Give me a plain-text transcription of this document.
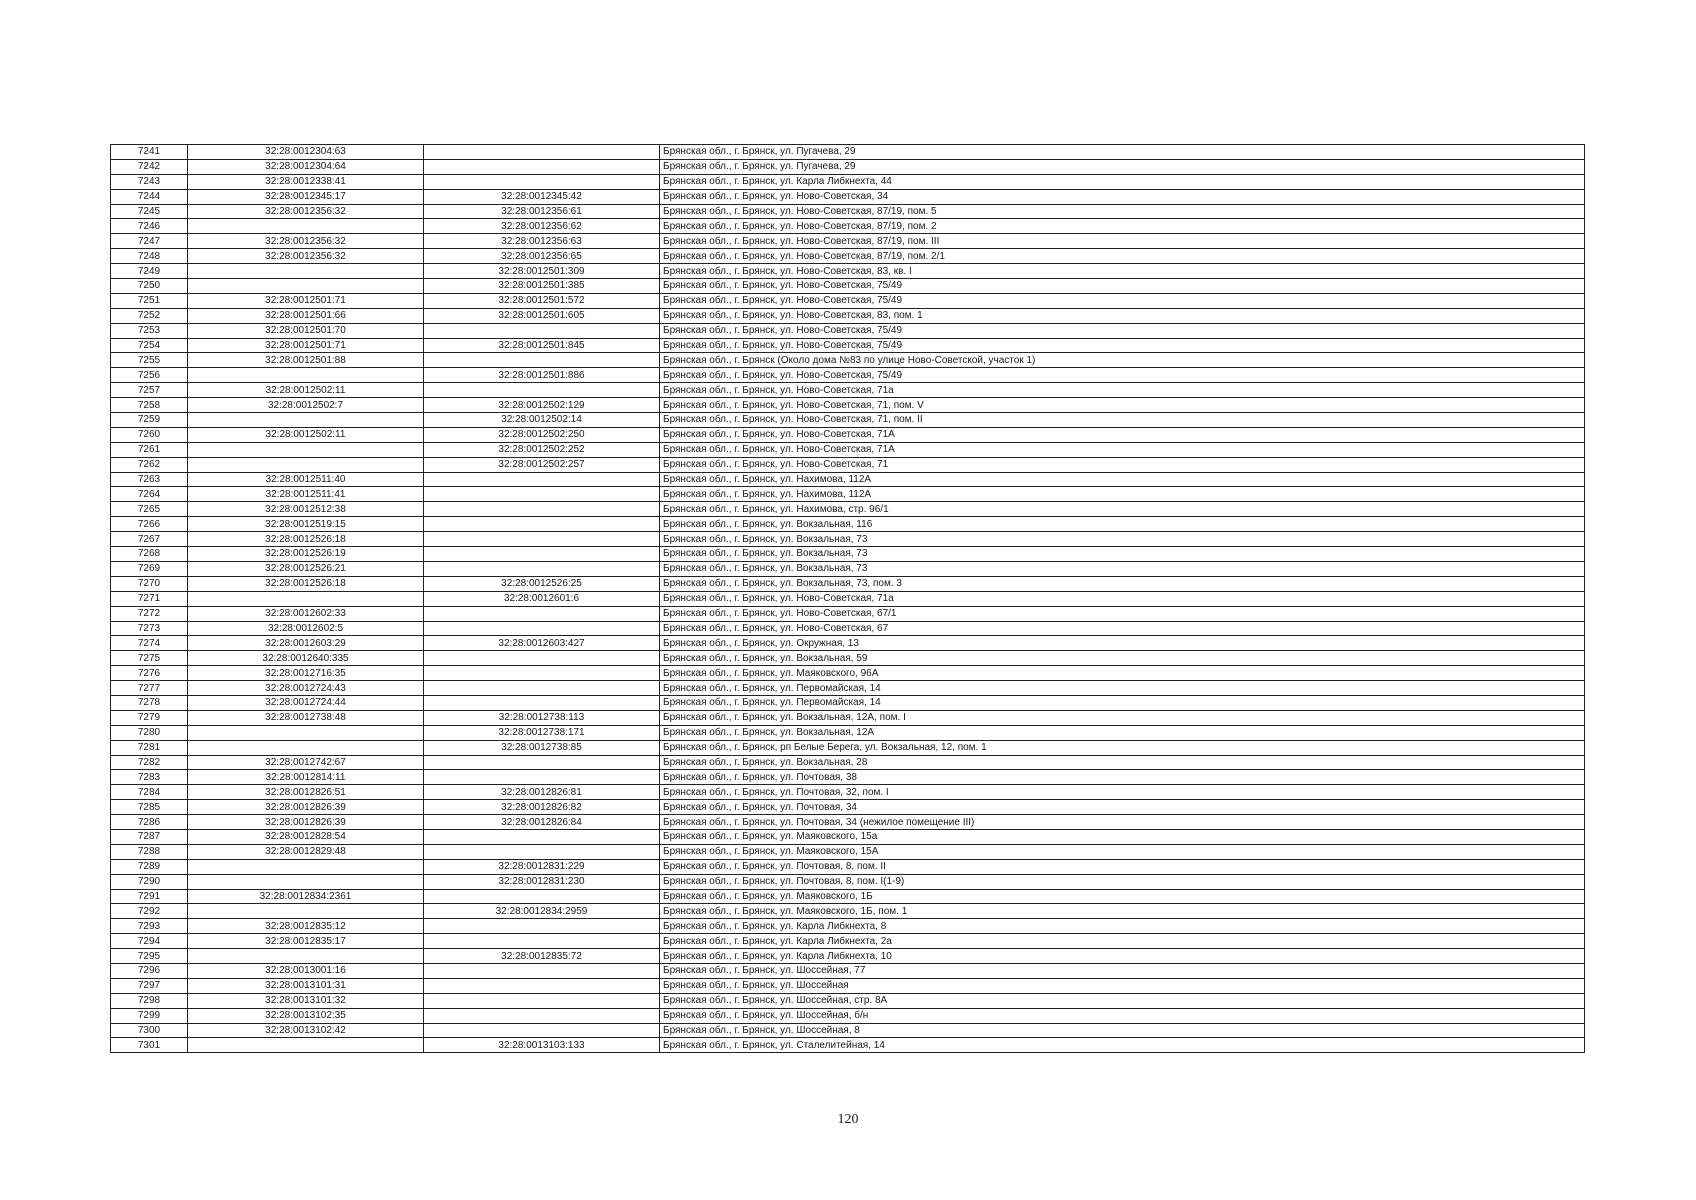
7241	32:28:0012304:63		Брянская обл., г. Брянск, ул. Пугачева, 29
7242	32:28:0012304:64		Брянская обл., г. Брянск, ул. Пугачева, 29
7243	32:28:0012338:41		Брянская обл., г. Брянск, ул. Карла Либкнехта, 44
7244	32:28:0012345:17	32:28:0012345:42	Брянская обл., г. Брянск, ул. Ново-Советская, 34
7245	32:28:0012356:32	32:28:0012356:61	Брянская обл., г. Брянск, ул. Ново-Советская, 87/19, пом. 5
7246		32:28:0012356:62	Брянская обл., г. Брянск, ул. Ново-Советская, 87/19, пом. 2
7247	32:28:0012356:32	32:28:0012356:63	Брянская обл., г. Брянск, ул. Ново-Советская, 87/19, пом. III
7248	32:28:0012356:32	32:28:0012356:65	Брянская обл., г. Брянск, ул. Ново-Советская, 87/19, пом. 2/1
7249		32:28:0012501:309	Брянская обл., г. Брянск, ул. Ново-Советская, 83, кв. I
7250		32:28:0012501:385	Брянская обл., г. Брянск, ул. Ново-Советская, 75/49
7251	32:28:0012501:71	32:28:0012501:572	Брянская обл., г. Брянск, ул. Ново-Советская, 75/49
7252	32:28:0012501:66	32:28:0012501:605	Брянская обл., г. Брянск, ул. Ново-Советская, 83, пом. 1
7253	32:28:0012501:70		Брянская обл., г. Брянск, ул. Ново-Советская, 75/49
7254	32:28:0012501:71	32:28:0012501:845	Брянская обл., г. Брянск, ул. Ново-Советская, 75/49
7255	32:28:0012501:88		Брянская обл., г. Брянск (Около дома №83 по улице Ново-Советской, участок 1)
7256		32:28:0012501:886	Брянская обл., г. Брянск, ул. Ново-Советская, 75/49
7257	32:28:0012502:11		Брянская обл., г. Брянск, ул. Ново-Советская, 71а
7258	32:28:0012502:7	32:28:0012502:129	Брянская обл., г. Брянск, ул. Ново-Советская, 71, пом. V
7259		32:28:0012502:14	Брянская обл., г. Брянск, ул. Ново-Советская, 71, пом. II
7260	32:28:0012502:11	32:28:0012502:250	Брянская обл., г. Брянск, ул. Ново-Советская, 71А
7261		32:28:0012502:252	Брянская обл., г. Брянск, ул. Ново-Советская, 71А
7262		32:28:0012502:257	Брянская обл., г. Брянск, ул. Ново-Советская, 71
7263	32:28:0012511:40		Брянская обл., г. Брянск, ул. Нахимова, 112А
7264	32:28:0012511:41		Брянская обл., г. Брянск, ул. Нахимова, 112А
7265	32:28:0012512:38		Брянская обл., г. Брянск, ул. Нахимова, стр. 96/1
7266	32:28:0012519:15		Брянская обл., г. Брянск, ул. Вокзальная, 116
7267	32:28:0012526:18		Брянская обл., г. Брянск, ул. Вокзальная, 73
7268	32:28:0012526:19		Брянская обл., г. Брянск, ул. Вокзальная, 73
7269	32:28:0012526:21		Брянская обл., г. Брянск, ул. Вокзальная, 73
7270	32:28:0012526:18	32:28:0012526:25	Брянская обл., г. Брянск, ул. Вокзальная, 73, пом. 3
7271		32:28:0012601:6	Брянская обл., г. Брянск, ул. Ново-Советская, 71а
7272	32:28:0012602:33		Брянская обл., г. Брянск, ул. Ново-Советская, 67/1
7273	32:28:0012602:5		Брянская обл., г. Брянск, ул. Ново-Советская, 67
7274	32:28:0012603:29	32:28:0012603:427	Брянская обл., г. Брянск, ул. Окружная, 13
7275	32:28:0012640:335		Брянская обл., г. Брянск, ул. Вокзальная, 59
7276	32:28:0012716:35		Брянская обл., г. Брянск, ул. Маяковского, 96А
7277	32:28:0012724:43		Брянская обл., г. Брянск, ул. Первомайская, 14
7278	32:28:0012724:44		Брянская обл., г. Брянск, ул. Первомайская, 14
7279	32:28:0012738:48	32:28:0012738:113	Брянская обл., г. Брянск, ул. Вокзальная, 12А, пом. I
7280		32:28:0012738:171	Брянская обл., г. Брянск, ул. Вокзальная, 12А
7281		32:28:0012738:85	Брянская обл., г. Брянск, рп Белые Берега, ул. Вокзальная, 12, пом. 1
7282	32:28:0012742:67		Брянская обл., г. Брянск, ул. Вокзальная, 28
7283	32:28:0012814:11		Брянская обл., г. Брянск, ул. Почтовая, 38
7284	32:28:0012826:51	32:28:0012826:81	Брянская обл., г. Брянск, ул. Почтовая, 32, пом. I
7285	32:28:0012826:39	32:28:0012826:82	Брянская обл., г. Брянск, ул. Почтовая, 34
7286	32:28:0012826:39	32:28:0012826:84	Брянская обл., г. Брянск, ул. Почтовая, 34 (нежилое помещение III)
7287	32:28:0012828:54		Брянская обл., г. Брянск, ул. Маяковского, 15а
7288	32:28:0012829:48		Брянская обл., г. Брянск, ул. Маяковского, 15А
7289		32:28:0012831:229	Брянская обл., г. Брянск, ул. Почтовая, 8, пом. II
7290		32:28:0012831:230	Брянская обл., г. Брянск, ул. Почтовая, 8, пом. I(1-9)
7291	32:28:0012834:2361		Брянская обл., г. Брянск, ул. Маяковского, 1Б
7292		32:28:0012834:2959	Брянская обл., г. Брянск, ул. Маяковского, 1Б, пом. 1
7293	32:28:0012835:12		Брянская обл., г. Брянск, ул. Карла Либкнехта, 8
7294	32:28:0012835:17		Брянская обл., г. Брянск, ул. Карла Либкнехта, 2а
7295		32:28:0012835:72	Брянская обл., г. Брянск, ул. Карла Либкнехта, 10
7296	32:28:0013001:16		Брянская обл., г. Брянск, ул. Шоссейная, 77
7297	32:28:0013101:31		Брянская обл., г. Брянск, ул. Шоссейная
7298	32:28:0013101:32		Брянская обл., г. Брянск, ул. Шоссейная, стр. 8А
7299	32:28:0013102:35		Брянская обл., г. Брянск, ул. Шоссейная, б/н
7300	32:28:0013102:42		Брянская обл., г. Брянск, ул. Шоссейная, 8
7301		32:28:0013103:133	Брянская обл., г. Брянск, ул. Сталелитейная, 14
120
